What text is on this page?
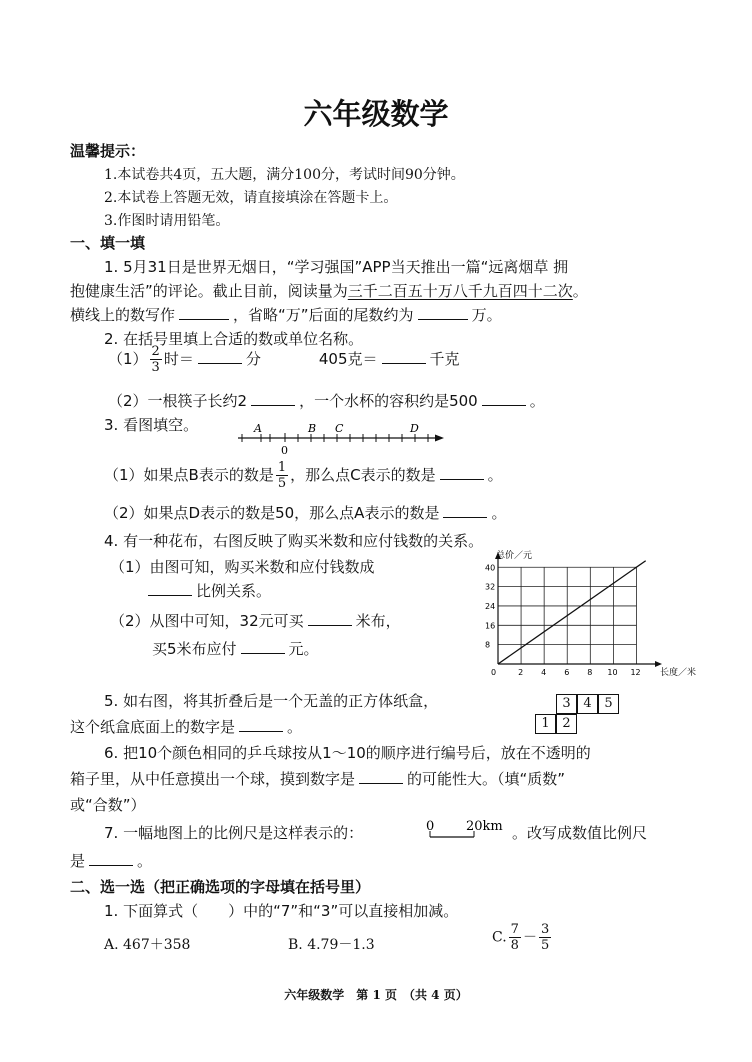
六年级数学
温馨提示：
1.本试卷共4页，五大题，满分100分，考试时间90分钟。
2.本试卷上答题无效，请直接填涂在答题卡上。
3.作图时请用铅笔。
一、填一填
1. 5月31日是世界无烟日，“学习强国”APP当天推出一篇“远离烟草 拥
抱健康生活”的评论。截止目前，阅读量为三千二百五十万八千九百四十二次。
横线上的数写作	，省略“万”后面的尾数约为	万。
2. 在括号里填上合适的数或单位名称。
$(1) \frac{2}{3}$ 时＝	分	405克＝	千克
（2）一根筷子长约2	，一个水杯的容积约是500	。
3. 看图填空。	A	B C	D
0
（1）如果点B表示的数是 $\frac{1}{5}$ ，那么点C表示的数是	。
（2）如果点D表示的数是50，那么点A表示的数是	。
4. 有一种花布，右图反映了购买米数和应付钱数的关系。
（1）由图可知，购买米数和应付钱数成
比例关系。
（2）从图中可知，32元可买	米布，
买5米布应付	元。
0	2 4 6 8 10 12
8
16
24
32
40
总价／元
长度／米
5. 如右图，将其折叠后是一个无盖的正方体纸盒，
这个纸盒底面上的数字是	。
3 4 5
1 2
6. 把10个颜色相同的乒乓球按从1～10的顺序进行编号后，放在不透明的
箱子里，从中任意摸出一个球，摸到数字是	的可能性大。（填“质数”
或“合数”）
7. 一幅地图上的比例尺是这样表示的：	0 20km 。改写成数值比例尺
是	。
二、选一选（把正确选项的字母填在括号里）
1. 下面算式（　　）中的“7”和“3”可以直接相加减。
A. 467＋358	B. 4.79－1.3	C. $\frac{7}{8} - \frac{3}{5}$
六年级数学　第 1 页　（共 4 页）
